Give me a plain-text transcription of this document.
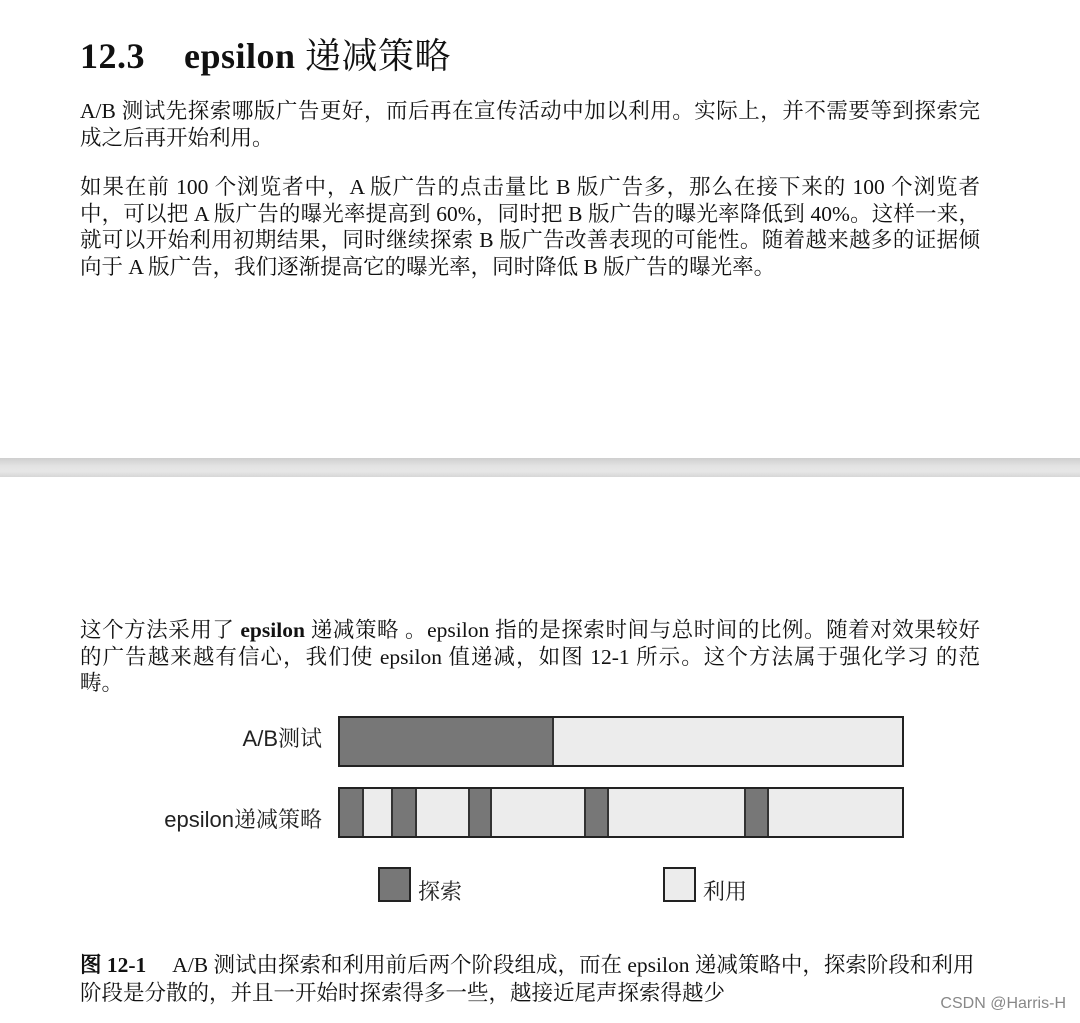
12.3 epsilon 递减策略

A/B 测试先探索哪版广告更好，而后再在宣传活动中加以利用。实际上，并不需要等到探索完成之后再开始利用。

如果在前 100 个浏览者中，A 版广告的点击量比 B 版广告多，那么在接下来的 100 个浏览者中，可以把 A 版广告的曝光率提高到 60%，同时把 B 版广告的曝光率降低到 40%。这样一来，就可以开始利用初期结果，同时继续探索 B 版广告改善表现的可能性。随着越来越多的证据倾向于 A 版广告，我们逐渐提高它的曝光率，同时降低 B 版广告的曝光率。

这个方法采用了 epsilon 递减策略 。epsilon 指的是探索时间与总时间的比例。随着对效果较好的广告越来越有信心，我们使 epsilon 值递减，如图 12-1 所示。这个方法属于强化学习 的范畴。

A/B测试
epsilon递减策略
探索	利用

图 12-1 A/B 测试由探索和利用前后两个阶段组成，而在 epsilon 递减策略中，探索阶段和利用阶段是分散的，并且一开始时探索得多一些，越接近尾声探索得越少	CSDN @Harris-H
